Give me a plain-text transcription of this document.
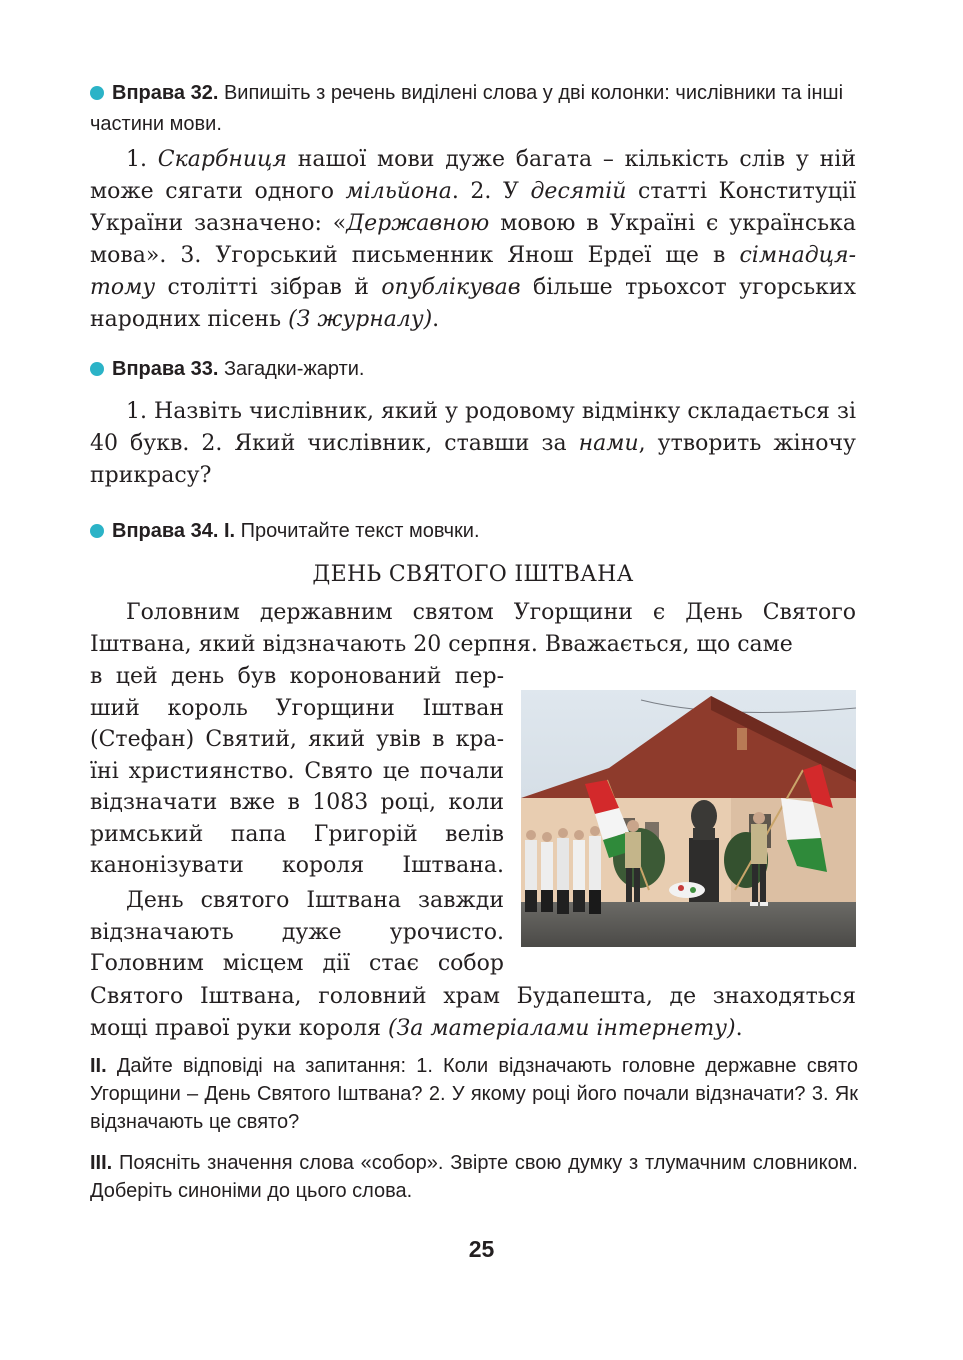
Вправа 32. Випишіть з речень виділені слова у дві колонки: числівники та інші частини мови.
1. Скарбниця нашої мови дуже багата – кількість слів у ній може сягати одного мільйона. 2. У десятій статті Конституції України зазначено: «Державною мовою в Україні є українська мова». 3. Угорський письменник Янош Ердеї ще в сімнадцятому столітті зібрав й опублікував більше трьохсот угорських народних пісень (З журналу).
Вправа 33. Загадки-жарти.
1. Назвіть числівник, який у родовому відмінку складається зі 40 букв. 2. Який числівник, ставши за нами, утворить жіночу прикрасу?
Вправа 34. І. Прочитайте текст мовчки.
ДЕНЬ СВЯТОГО ІШТВАНА
Головним державним святом Угорщини є День Святого Іштвана, який відзначають 20 серпня. Вважається, що саме
в цей день був коронований перший король Угорщини Іштван (Стефан) Святий, який увів в країні християнство. Свято це почали відзначати вже в 1083 році, коли римський папа Григорій велів канонізувати короля Іштвана.
День святого Іштвана завжди відзначають дуже урочисто. Головним місцем дії стає собор
Святого Іштвана, головний храм Будапешта, де знаходяться мощі правої руки короля (За матеріалами інтернету).
ІІ. Дайте відповіді на запитання: 1. Коли відзначають головне державне свято Угорщини – День Святого Іштвана? 2. У якому році його почали відзначати? 3. Як відзначають це свято?
ІІІ. Поясніть значення слова «собор». Звірте свою думку з тлумачним словником. Доберіть синоніми до цього слова.
25
